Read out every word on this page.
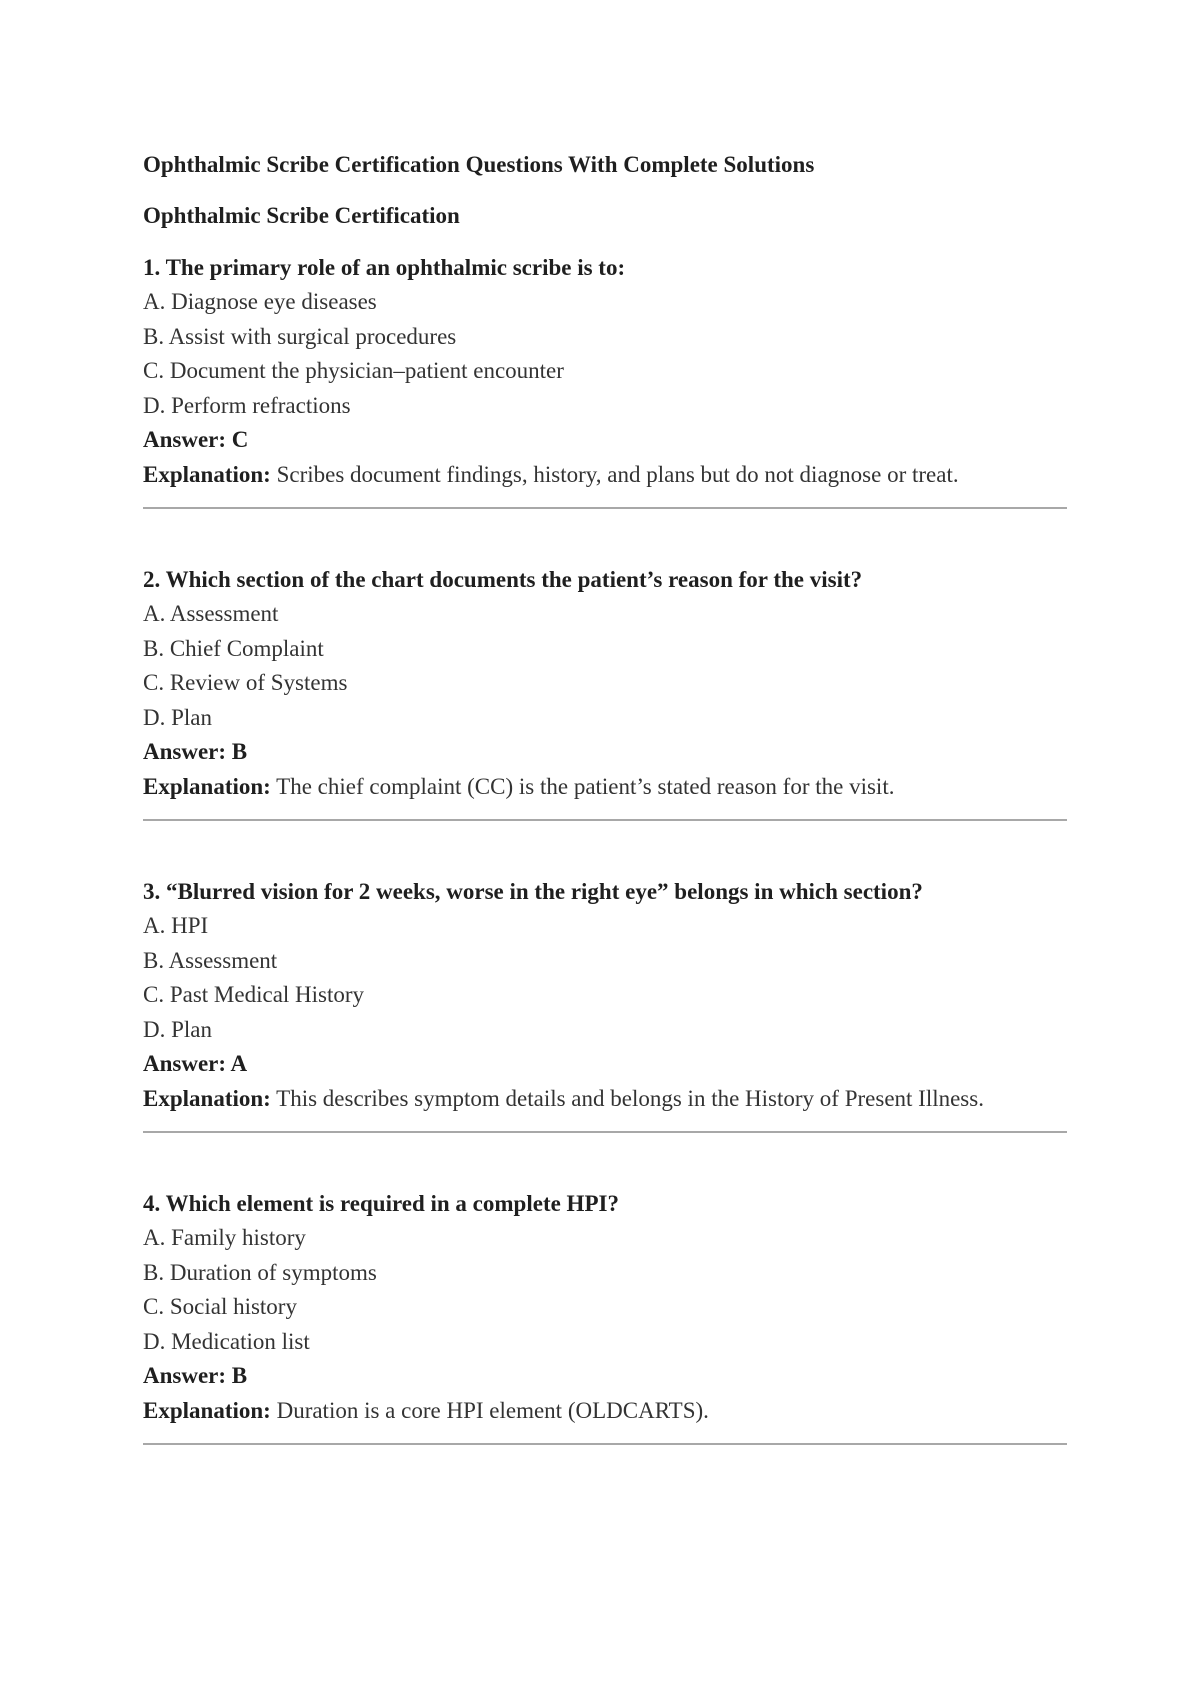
Ophthalmic Scribe Certification Questions With Complete Solutions
Ophthalmic Scribe Certification
1. The primary role of an ophthalmic scribe is to:
A. Diagnose eye diseases
B. Assist with surgical procedures
C. Document the physician–patient encounter
D. Perform refractions
Answer: C
Explanation: Scribes document findings, history, and plans but do not diagnose or treat.
2. Which section of the chart documents the patient’s reason for the visit?
A. Assessment
B. Chief Complaint
C. Review of Systems
D. Plan
Answer: B
Explanation: The chief complaint (CC) is the patient’s stated reason for the visit.
3. “Blurred vision for 2 weeks, worse in the right eye” belongs in which section?
A. HPI
B. Assessment
C. Past Medical History
D. Plan
Answer: A
Explanation: This describes symptom details and belongs in the History of Present Illness.
4. Which element is required in a complete HPI?
A. Family history
B. Duration of symptoms
C. Social history
D. Medication list
Answer: B
Explanation: Duration is a core HPI element (OLDCARTS).
